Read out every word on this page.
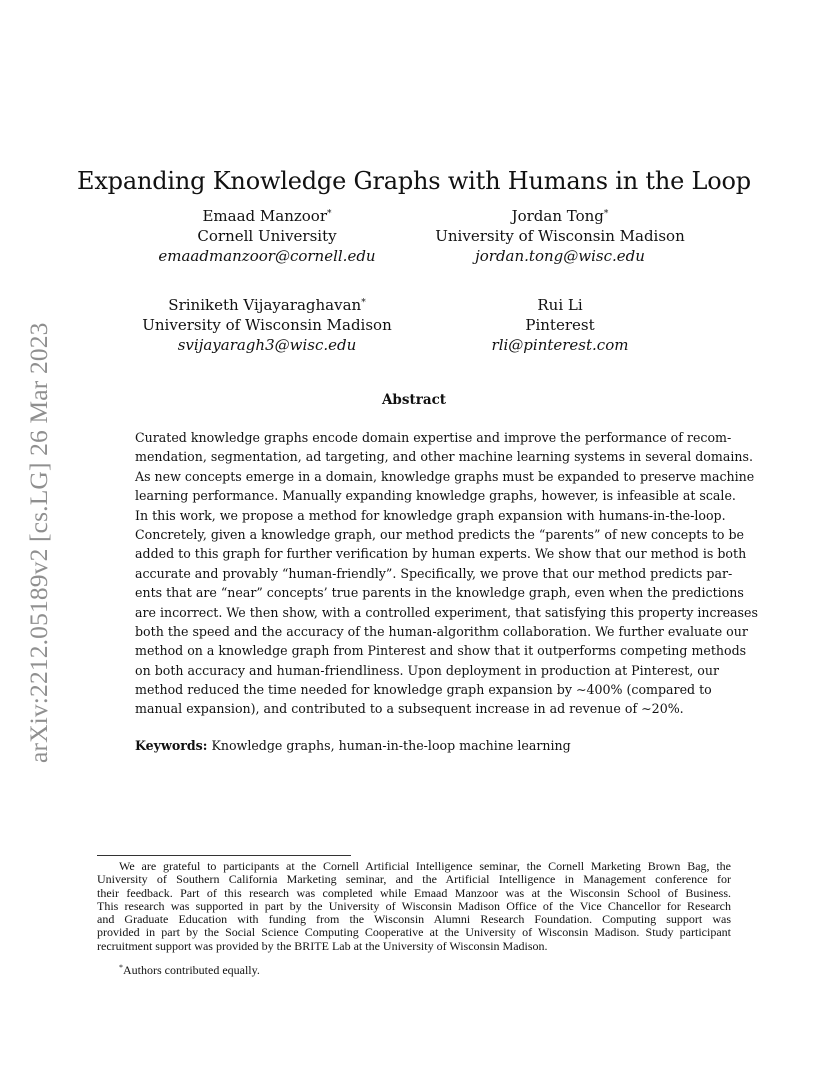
arXiv:2212.05189v2 [cs.LG] 26 Mar 2023
Expanding Knowledge Graphs with Humans in the Loop
Emaad Manzoor*
Cornell University
emaadmanzoor@cornell.edu
Jordan Tong*
University of Wisconsin Madison
jordan.tong@wisc.edu
Sriniketh Vijayaraghavan*
University of Wisconsin Madison
svijayaragh3@wisc.edu
Rui Li
Pinterest
rli@pinterest.com
Abstract
Curated knowledge graphs encode domain expertise and improve the performance of recom-
mendation, segmentation, ad targeting, and other machine learning systems in several domains.
As new concepts emerge in a domain, knowledge graphs must be expanded to preserve machine
learning performance. Manually expanding knowledge graphs, however, is infeasible at scale.
In this work, we propose a method for knowledge graph expansion with humans-in-the-loop.
Concretely, given a knowledge graph, our method predicts the “parents” of new concepts to be
added to this graph for further verification by human experts. We show that our method is both
accurate and provably “human-friendly”. Specifically, we prove that our method predicts par-
ents that are “near” concepts’ true parents in the knowledge graph, even when the predictions
are incorrect. We then show, with a controlled experiment, that satisfying this property increases
both the speed and the accuracy of the human-algorithm collaboration. We further evaluate our
method on a knowledge graph from Pinterest and show that it outperforms competing methods
on both accuracy and human-friendliness. Upon deployment in production at Pinterest, our
method reduced the time needed for knowledge graph expansion by ∼400% (compared to
manual expansion), and contributed to a subsequent increase in ad revenue of ∼20%.
Keywords: Knowledge graphs, human-in-the-loop machine learning
We are grateful to participants at the Cornell Artificial Intelligence seminar, the Cornell Marketing Brown Bag, the
University of Southern California Marketing seminar, and the Artificial Intelligence in Management conference for
their feedback. Part of this research was completed while Emaad Manzoor was at the Wisconsin School of Business.
This research was supported in part by the University of Wisconsin Madison Office of the Vice Chancellor for Research
and Graduate Education with funding from the Wisconsin Alumni Research Foundation. Computing support was
provided in part by the Social Science Computing Cooperative at the University of Wisconsin Madison. Study participant
recruitment support was provided by the BRITE Lab at the University of Wisconsin Madison.
*Authors contributed equally.
